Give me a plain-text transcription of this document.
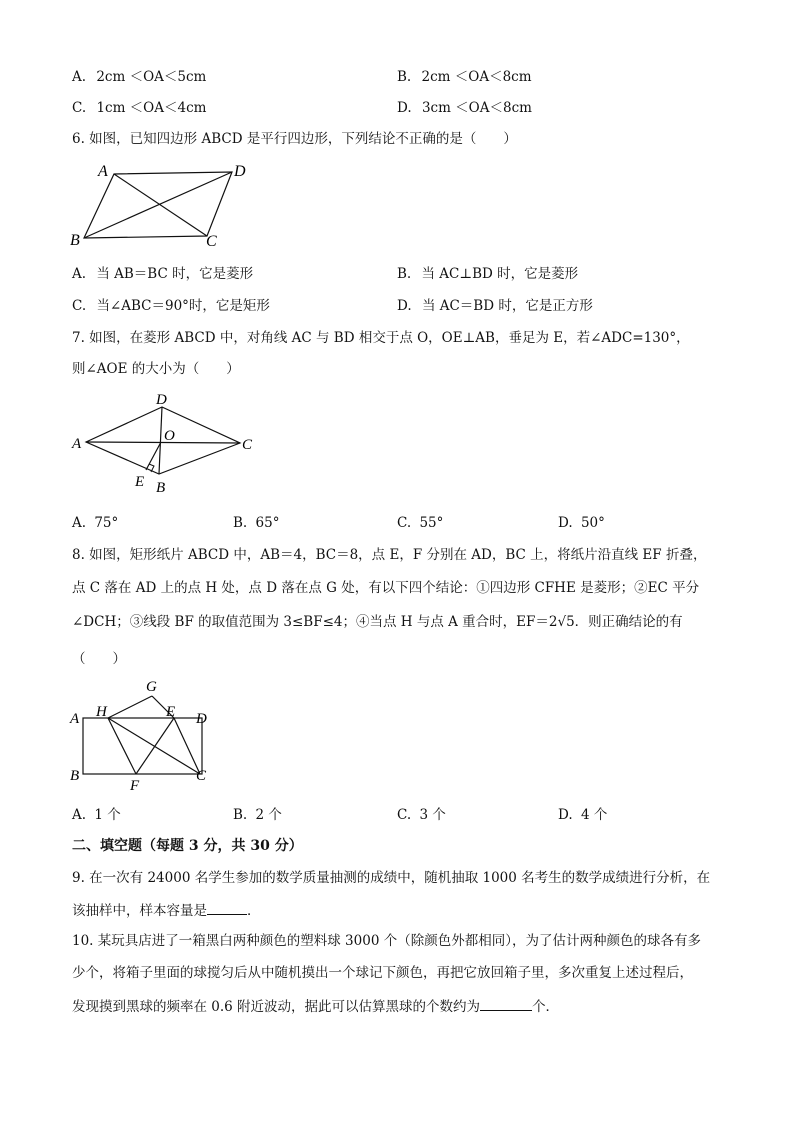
A. 2cm ＜OA＜5cm	B. 2cm ＜OA＜8cm
C. 1cm ＜OA＜4cm	D. 3cm ＜OA＜8cm
6. 如图，已知四边形 ABCD 是平行四边形，下列结论不正确的是（　　）
A	D
B	C
A. 当 AB＝BC 时，它是菱形	B. 当 AC⊥BD 时，它是菱形
C. 当∠ABC＝90°时，它是矩形	D. 当 AC＝BD 时，它是正方形
7. 如图，在菱形 ABCD 中，对角线 AC 与 BD 相交于点 O，OE⊥AB，垂足为 E，若∠ADC=130°，
则∠AOE 的大小为（　　）
A
D
C
O
E B
A. 75°	B. 65°	C. 55°	D. 50°
8. 如图，矩形纸片 ABCD 中，AB＝4，BC＝8，点 E，F 分别在 AD，BC 上，将纸片沿直线 EF 折叠，
点 C 落在 AD 上的点 H 处，点 D 落在点 G 处，有以下四个结论：①四边形 CFHE 是菱形；②EC 平分
∠DCH；③线段 BF 的取值范围为 3≤BF≤4；④当点 H 与点 A 重合时，EF＝2√5．则正确结论的有
（　　）
G
A H	E D
B	C
F
A. 1 个	B. 2 个	C. 3 个	D. 4 个
二、填空题（每题 3 分，共 30 分）
9. 在一次有 24000 名学生参加的数学质量抽测的成绩中，随机抽取 1000 名考生的数学成绩进行分析，在
该抽样中，样本容量是	．
10. 某玩具店进了一箱黑白两种颜色的塑料球 3000 个（除颜色外都相同），为了估计两种颜色的球各有多
少个，将箱子里面的球搅匀后从中随机摸出一个球记下颜色，再把它放回箱子里，多次重复上述过程后，
发现摸到黑球的频率在 0.6 附近波动，据此可以估算黑球的个数约为	个．
